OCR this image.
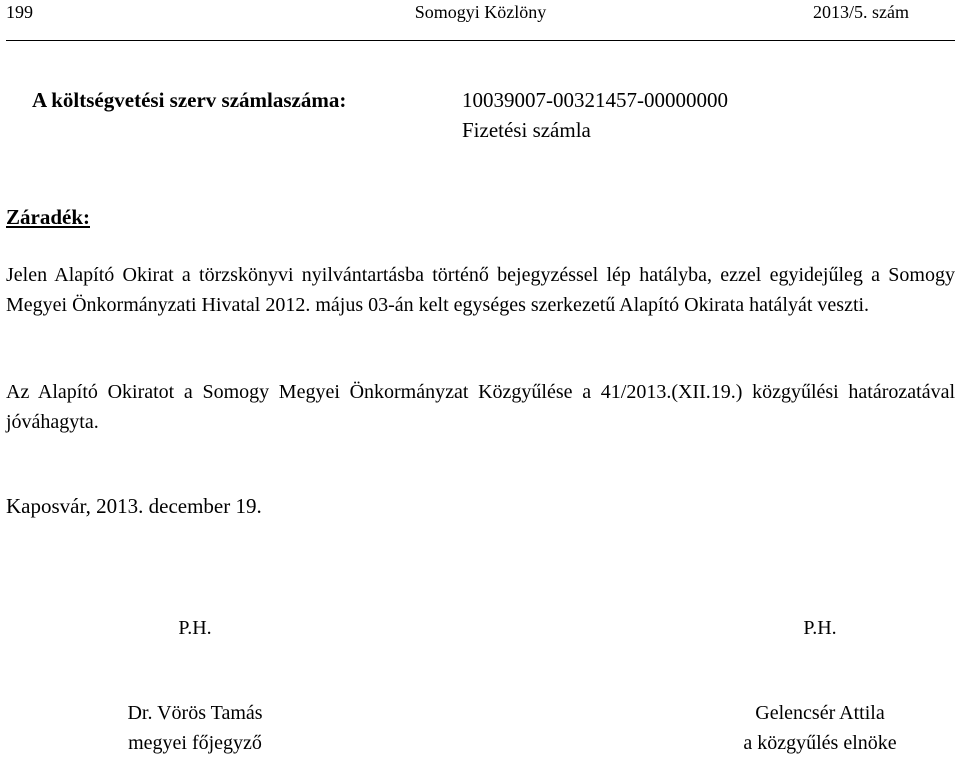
199	Somogyi Közlöny	2013/5. szám
A költségvetési szerv számlaszáma:	10039007-00321457-00000000
Fizetési számla
Záradék:
Jelen Alapító Okirat a törzskönyvi nyilvántartásba történő bejegyzéssel lép hatályba, ezzel egyidejűleg a Somogy Megyei Önkormányzati Hivatal 2012. május 03-án kelt egységes szerkezetű Alapító Okirata hatályát veszti.
Az Alapító Okiratot a Somogy Megyei Önkormányzat Közgyűlése a 41/2013.(XII.19.) közgyűlési határozatával jóváhagyta.
Kaposvár, 2013. december 19.
P.H.
Dr. Vörös Tamás
megyei főjegyző
P.H.
Gelencsér Attila
a közgyűlés elnöke
